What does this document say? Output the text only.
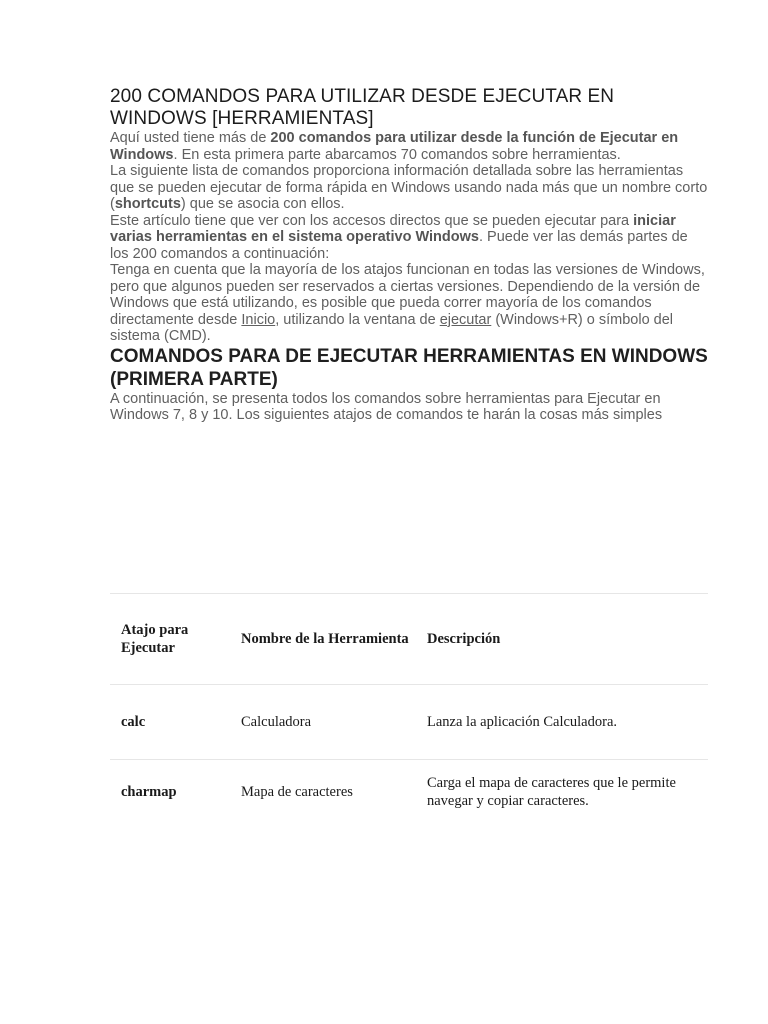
200 COMANDOS PARA UTILIZAR DESDE EJECUTAR EN WINDOWS [HERRAMIENTAS]

Aquí usted tiene más de 200 comandos para utilizar desde la función de Ejecutar en Windows. En esta primera parte abarcamos 70 comandos sobre herramientas.

La siguiente lista de comandos proporciona información detallada sobre las herramientas que se pueden ejecutar de forma rápida en Windows usando nada más que un nombre corto (shortcuts) que se asocia con ellos.

Este artículo tiene que ver con los accesos directos que se pueden ejecutar para iniciar varias herramientas en el sistema operativo Windows. Puede ver las demás partes de los 200 comandos a continuación:

Tenga en cuenta que la mayoría de los atajos funcionan en todas las versiones de Windows, pero que algunos pueden ser reservados a ciertas versiones. Dependiendo de la versión de Windows que está utilizando, es posible que pueda correr mayoría de los comandos directamente desde Inicio, utilizando la ventana de ejecutar (Windows+R) o símbolo del sistema (CMD).

COMANDOS PARA DE EJECUTAR HERRAMIENTAS EN WINDOWS (PRIMERA PARTE)

A continuación, se presenta todos los comandos sobre herramientas para Ejecutar en Windows 7, 8 y 10. Los siguientes atajos de comandos te harán la cosas más simples

Atajo para Ejecutar	Nombre de la Herramienta	Descripción
calc	Calculadora	Lanza la aplicación Calculadora.
charmap	Mapa de caracteres	Carga el mapa de caracteres que le permite navegar y copiar caracteres.
